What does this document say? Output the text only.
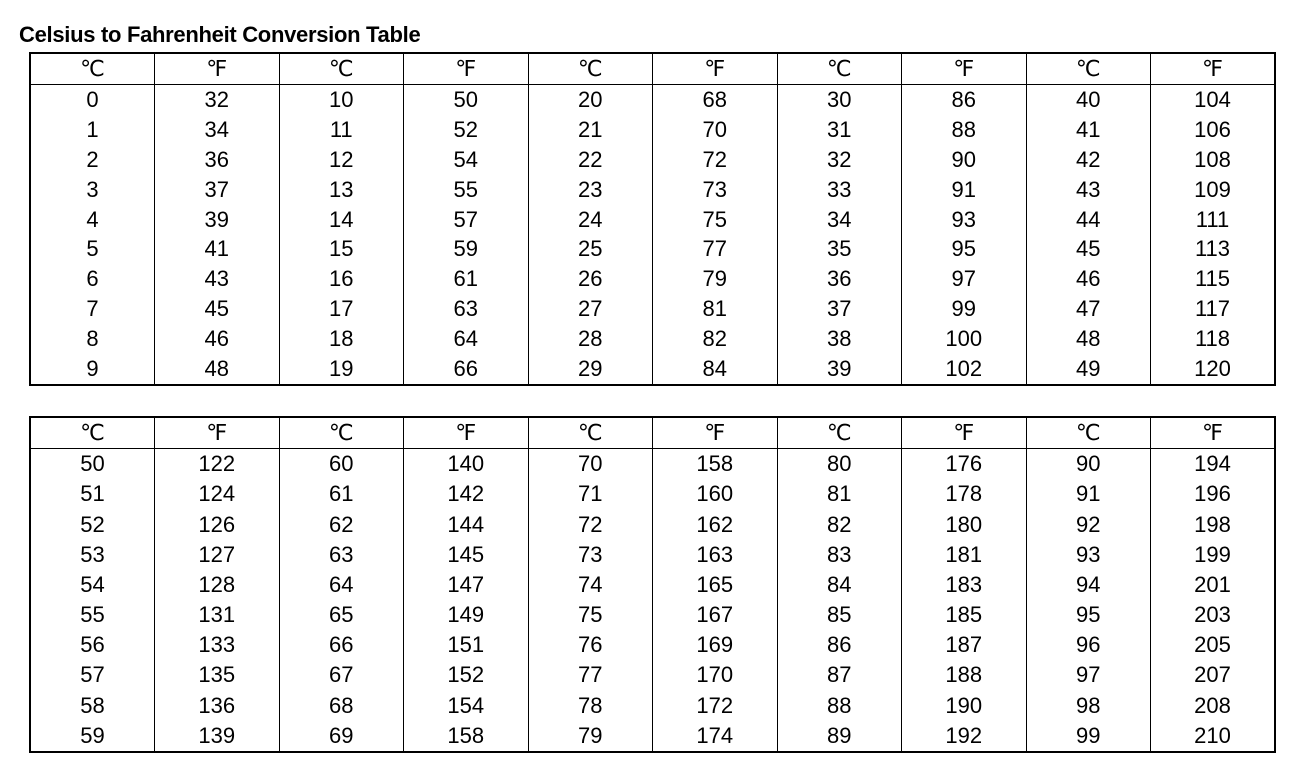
Celsius to Fahrenheit Conversion Table
℃	℉	℃	℉	℃	℉	℃	℉	℃	℉
0	32	10	50	20	68	30	86	40	104
1	34	11	52	21	70	31	88	41	106
2	36	12	54	22	72	32	90	42	108
3	37	13	55	23	73	33	91	43	109
4	39	14	57	24	75	34	93	44	111
5	41	15	59	25	77	35	95	45	113
6	43	16	61	26	79	36	97	46	115
7	45	17	63	27	81	37	99	47	117
8	46	18	64	28	82	38	100	48	118
9	48	19	66	29	84	39	102	49	120
℃	℉	℃	℉	℃	℉	℃	℉	℃	℉
50	122	60	140	70	158	80	176	90	194
51	124	61	142	71	160	81	178	91	196
52	126	62	144	72	162	82	180	92	198
53	127	63	145	73	163	83	181	93	199
54	128	64	147	74	165	84	183	94	201
55	131	65	149	75	167	85	185	95	203
56	133	66	151	76	169	86	187	96	205
57	135	67	152	77	170	87	188	97	207
58	136	68	154	78	172	88	190	98	208
59	139	69	158	79	174	89	192	99	210
